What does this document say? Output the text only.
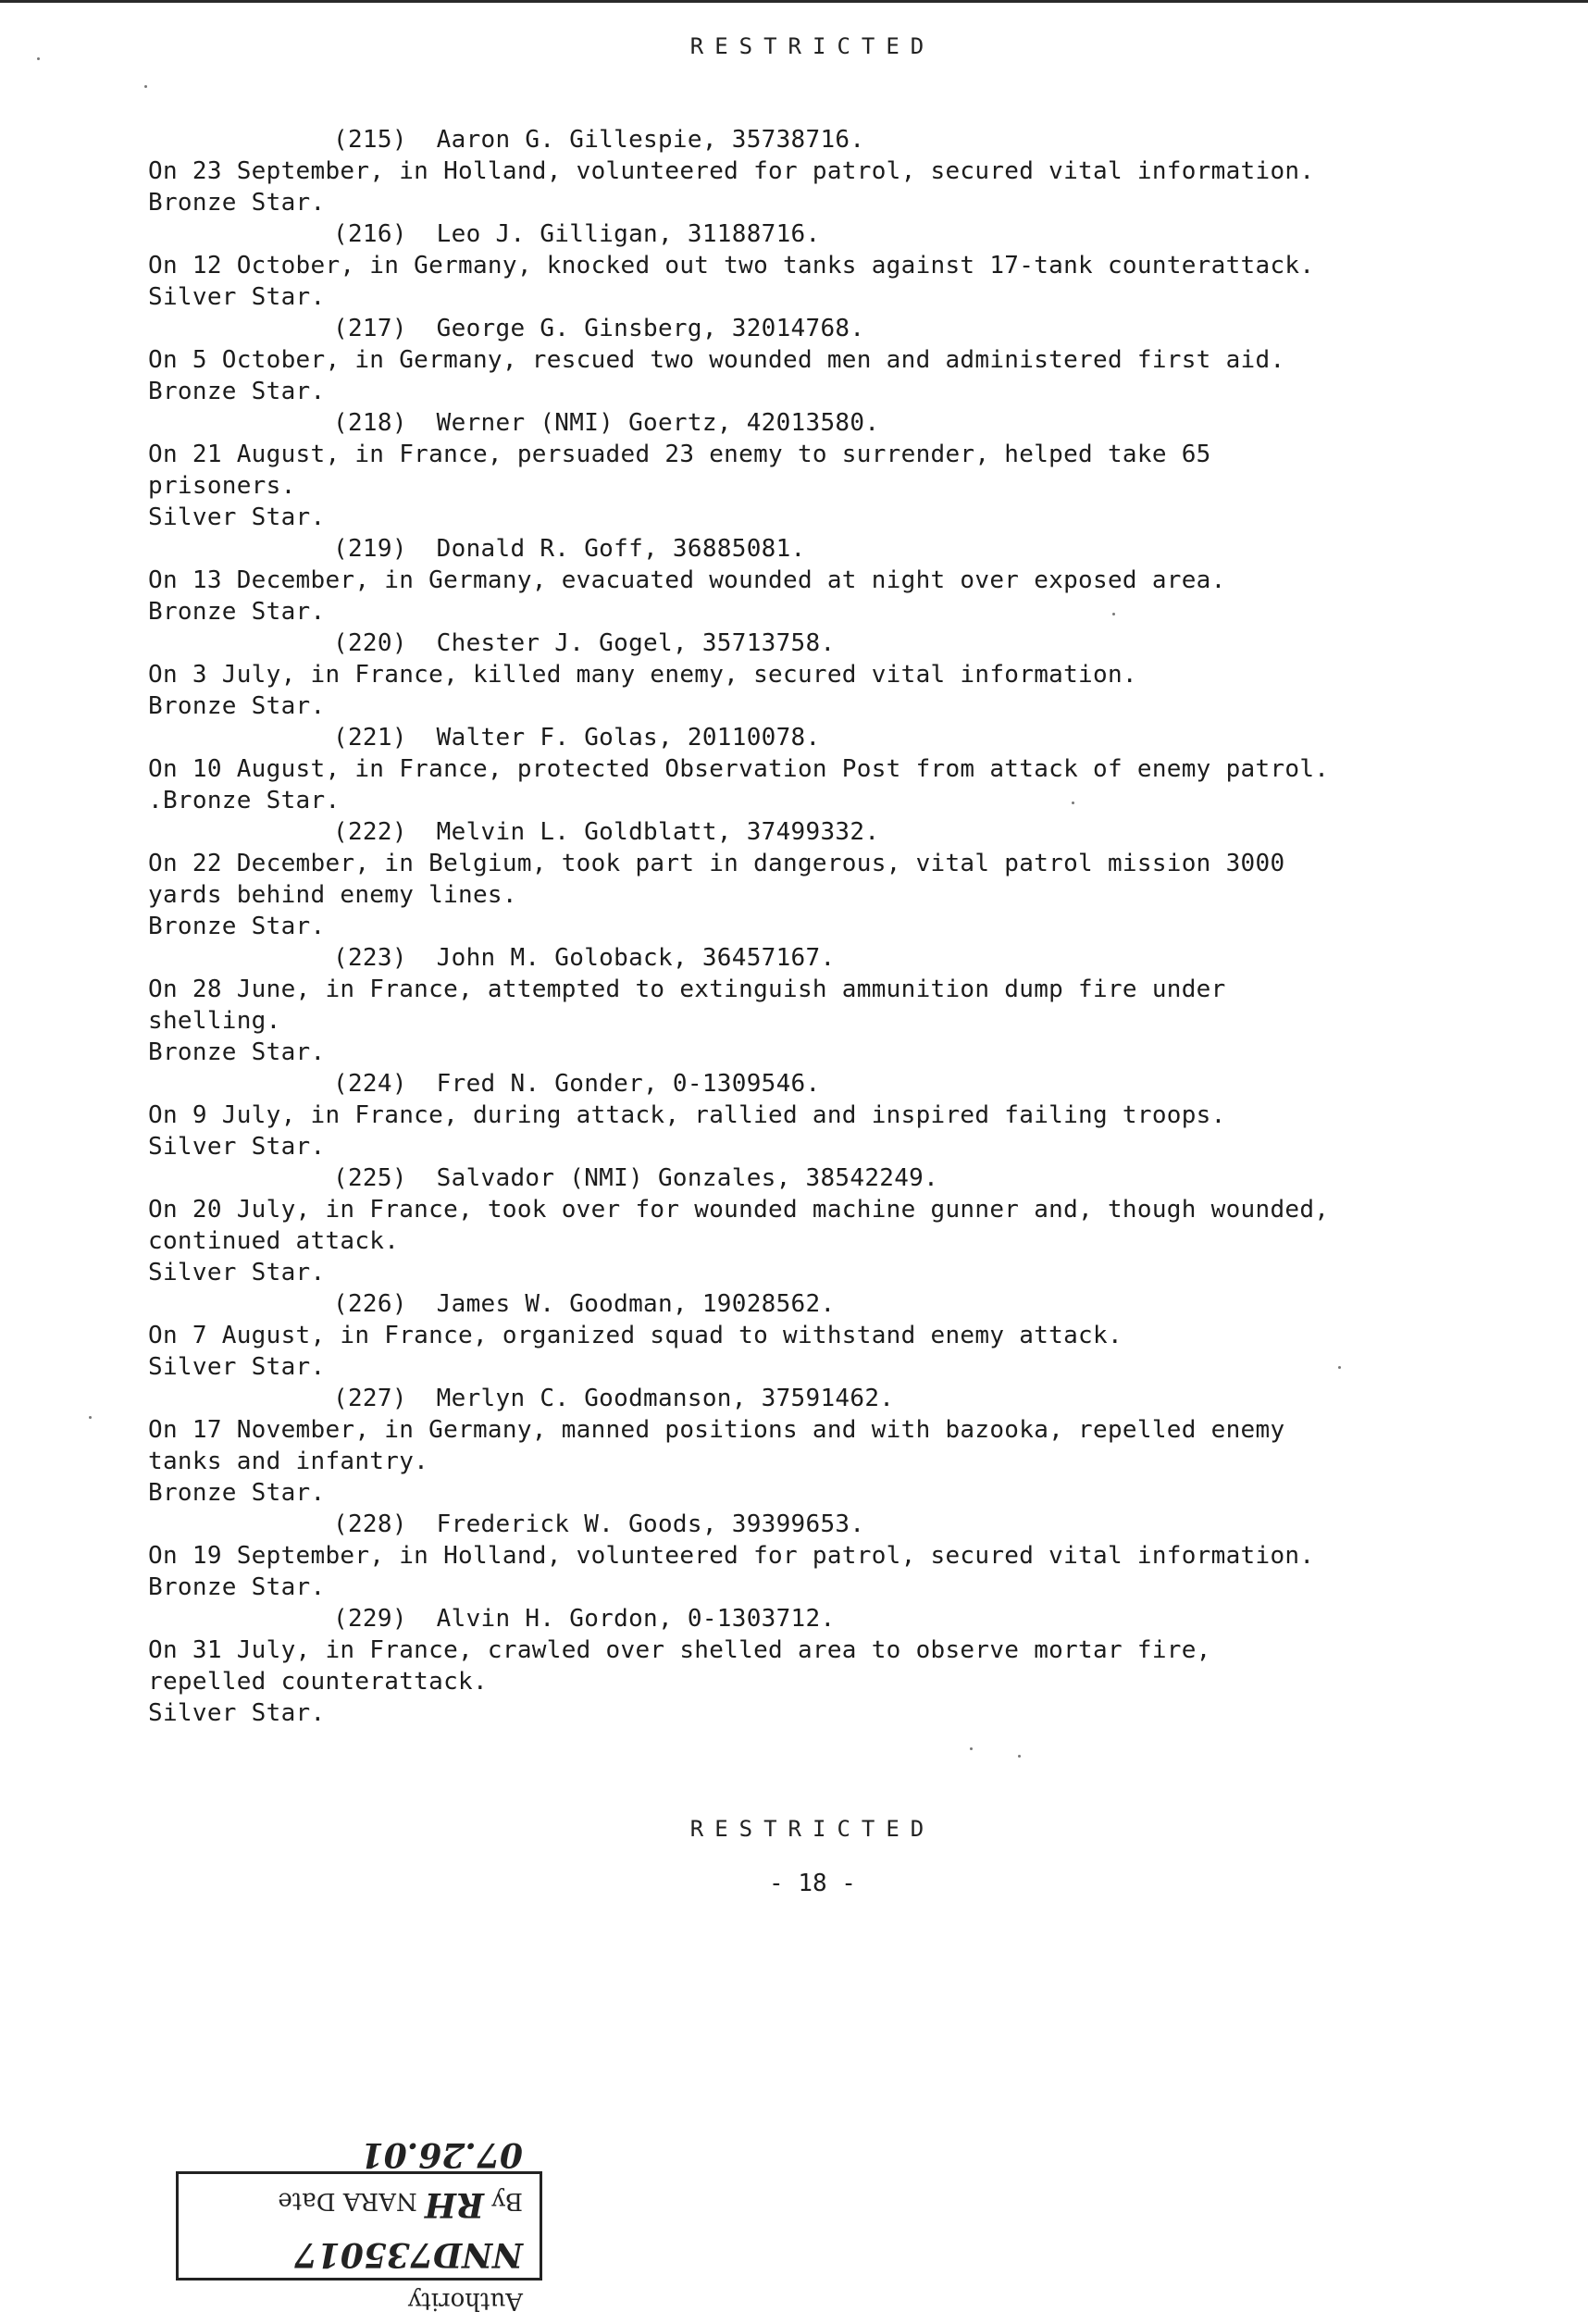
RESTRICTED
(215)  Aaron G. Gillespie, 35738716.
On 23 September, in Holland, volunteered for patrol, secured vital information.
Bronze Star.
(216)  Leo J. Gilligan, 31188716.
On 12 October, in Germany, knocked out two tanks against 17-tank counterattack.
Silver Star.
(217)  George G. Ginsberg, 32014768.
On 5 October, in Germany, rescued two wounded men and administered first aid.
Bronze Star.
(218)  Werner (NMI) Goertz, 42013580.
On 21 August, in France, persuaded 23 enemy to surrender, helped take 65
prisoners.
Silver Star.
(219)  Donald R. Goff, 36885081.
On 13 December, in Germany, evacuated wounded at night over exposed area.
Bronze Star.
(220)  Chester J. Gogel, 35713758.
On 3 July, in France, killed many enemy, secured vital information.
Bronze Star.
(221)  Walter F. Golas, 20110078.
On 10 August, in France, protected Observation Post from attack of enemy patrol.
.Bronze Star.
(222)  Melvin L. Goldblatt, 37499332.
On 22 December, in Belgium, took part in dangerous, vital patrol mission 3000
yards behind enemy lines.
Bronze Star.
(223)  John M. Goloback, 36457167.
On 28 June, in France, attempted to extinguish ammunition dump fire under
shelling.
Bronze Star.
(224)  Fred N. Gonder, 0-1309546.
On 9 July, in France, during attack, rallied and inspired failing troops.
Silver Star.
(225)  Salvador (NMI) Gonzales, 38542249.
On 20 July, in France, took over for wounded machine gunner and, though wounded,
continued attack.
Silver Star.
(226)  James W. Goodman, 19028562.
On 7 August, in France, organized squad to withstand enemy attack.
Silver Star.
(227)  Merlyn C. Goodmanson, 37591462.
On 17 November, in Germany, manned positions and with bazooka, repelled enemy
tanks and infantry.
Bronze Star.
(228)  Frederick W. Goods, 39399653.
On 19 September, in Holland, volunteered for patrol, secured vital information.
Bronze Star.
(229)  Alvin H. Gordon, 0-1303712.
On 31 July, in France, crawled over shelled area to observe mortar fire,
repelled counterattack.
Silver Star.
RESTRICTED
- 18 -
Authority NND735017
By RH NARA Date 07.26.01
